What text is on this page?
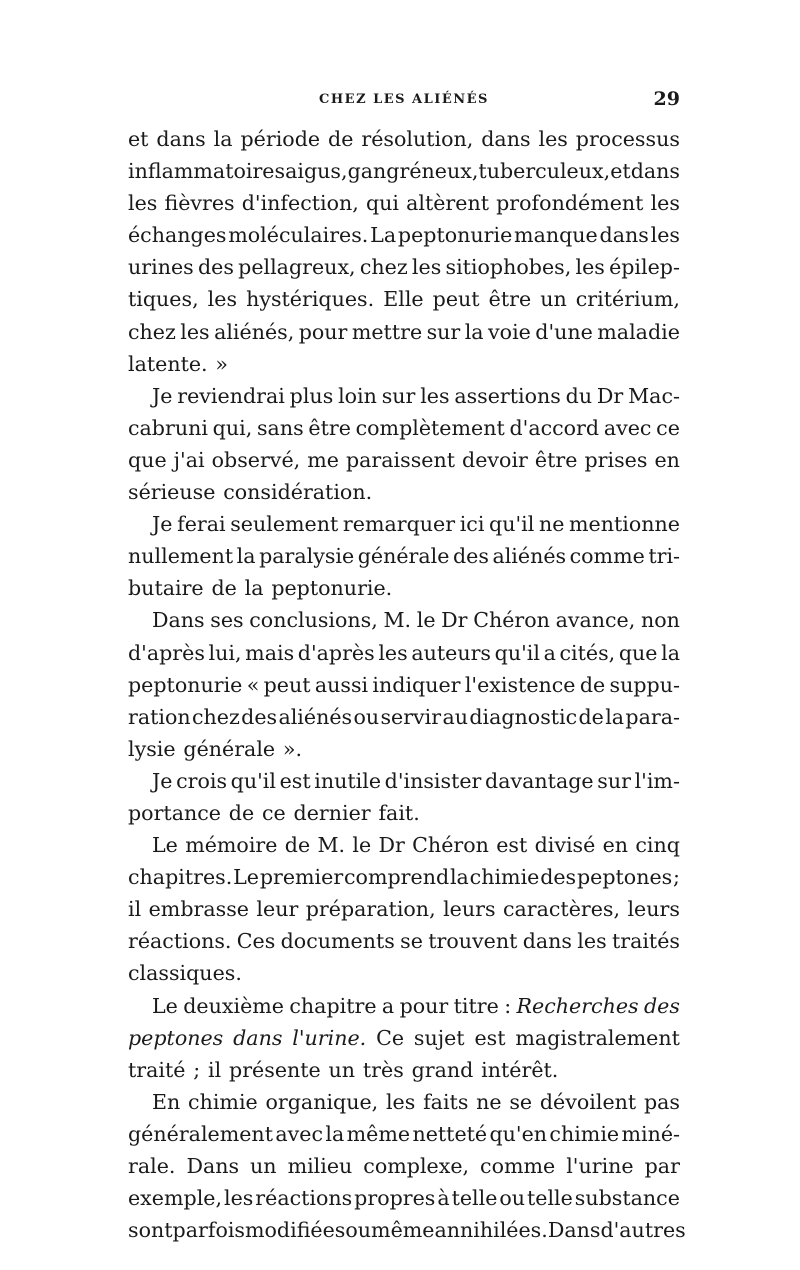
CHEZ LES ALIÉNÉS	29
et dans la période de résolution, dans les processus
inflammatoires aigus, gangréneux, tuberculeux, et dans
les fièvres d'infection, qui altèrent profondément les
échanges moléculaires. La peptonurie manque dans les
urines des pellagreux, chez les sitiophobes, les épilep-
tiques, les hystériques. Elle peut être un critérium,
chez les aliénés, pour mettre sur la voie d'une maladie
latente. »
Je reviendrai plus loin sur les assertions du Dr Mac-
cabruni qui, sans être complètement d'accord avec ce
que j'ai observé, me paraissent devoir être prises en
sérieuse considération.
Je ferai seulement remarquer ici qu'il ne mentionne
nullement la paralysie générale des aliénés comme tri-
butaire de la peptonurie.
Dans ses conclusions, M. le Dr Chéron avance, non
d'après lui, mais d'après les auteurs qu'il a cités, que la
peptonurie « peut aussi indiquer l'existence de suppu-
ration chez des aliénés ou servir au diagnostic de la para-
lysie générale ».
Je crois qu'il est inutile d'insister davantage sur l'im-
portance de ce dernier fait.
Le mémoire de M. le Dr Chéron est divisé en cinq
chapitres. Le premier comprend la chimie des peptones ;
il embrasse leur préparation, leurs caractères, leurs
réactions. Ces documents se trouvent dans les traités
classiques.
Le deuxième chapitre a pour titre : Recherches des
peptones dans l'urine. Ce sujet est magistralement
traité ; il présente un très grand intérêt.
En chimie organique, les faits ne se dévoilent pas
généralement avec la même netteté qu'en chimie miné-
rale. Dans un milieu complexe, comme l'urine par
exemple, les réactions propres à telle ou telle substance
sont parfois modifiées ou même annihilées. Dans d'autres
